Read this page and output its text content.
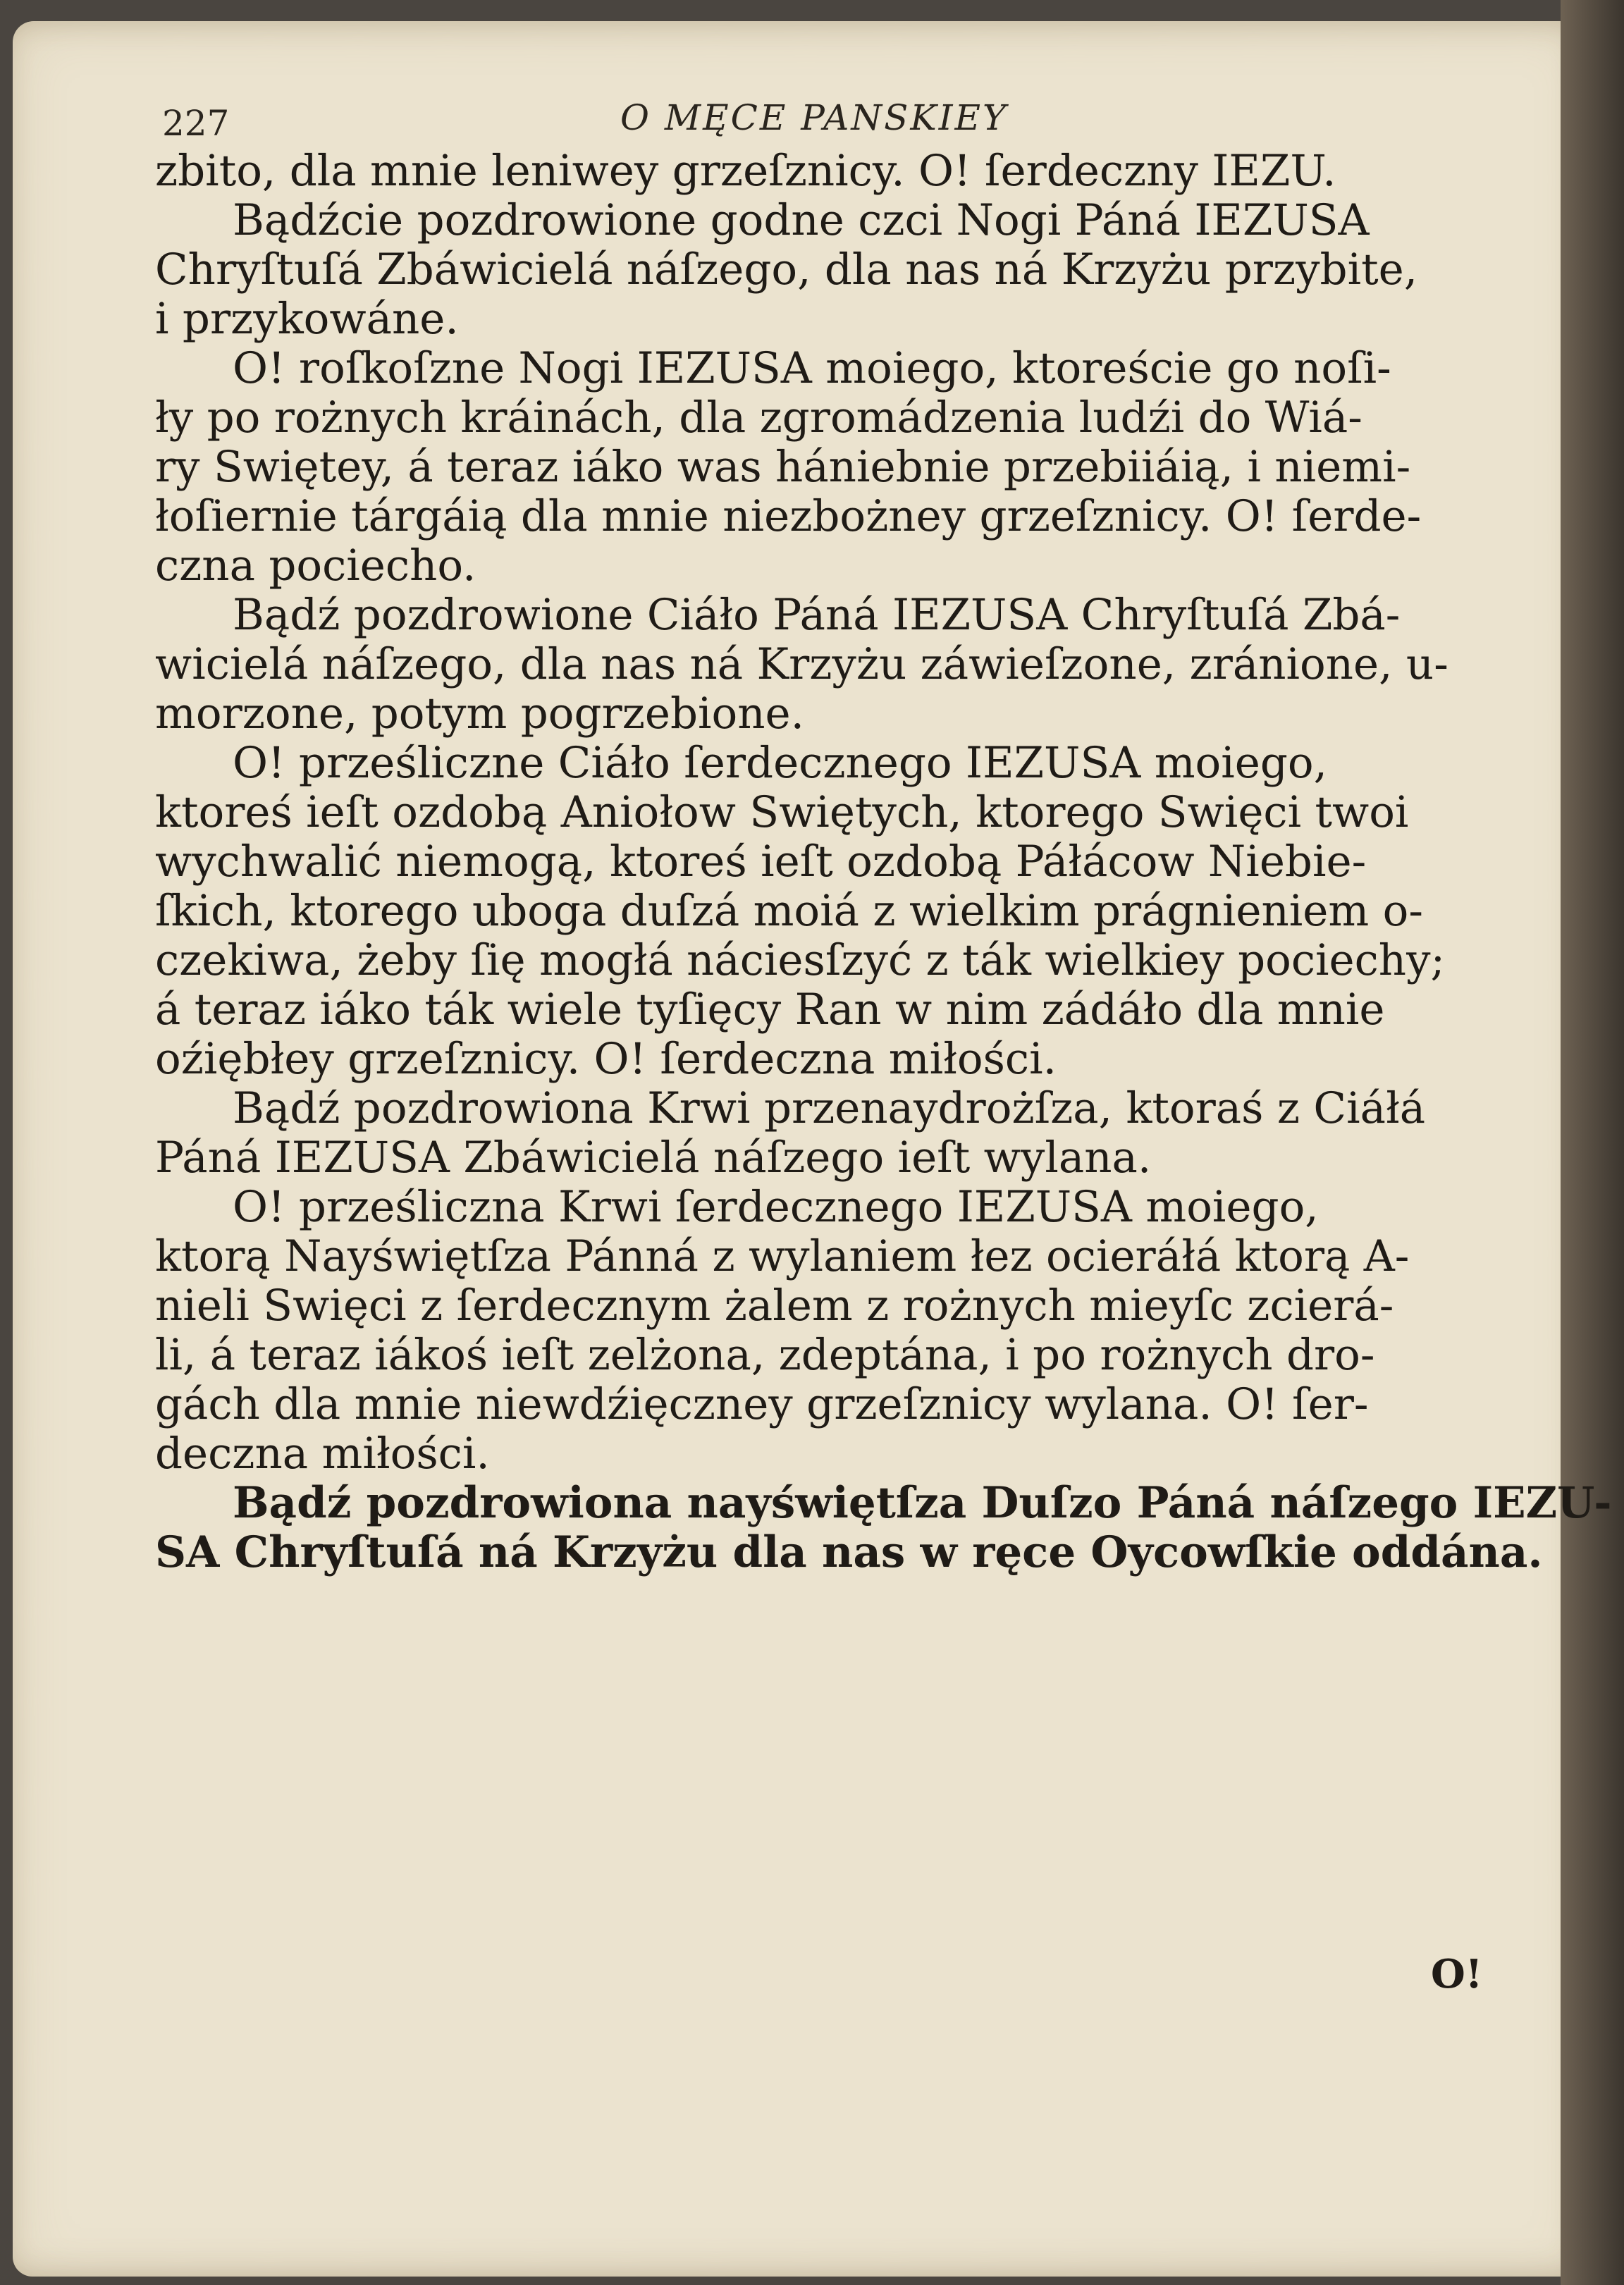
227	O MĘCE PANSKIEY
zbito, dla mnie leniwey grzeſznicy. O! ſerdeczny IEZU.
Bądźcie pozdrowione godne czci Nogi Páná IEZUSA
Chryſtuſá Zbáwicielá náſzego, dla nas ná Krzyżu przybite,
i przykowáne.
O! roſkoſzne Nogi IEZUSA moiego, ktoreście go noſi-
ły po rożnych kráinách, dla zgromádzenia ludźi do Wiá-
ry Swiętey, á teraz iáko was hániebnie przebiiáią, i niemi-
łoſiernie tárgáią dla mnie niezbożney grzeſznicy. O! ſerde-
czna pociecho.
Bądź pozdrowione Ciáło Páná IEZUSA Chryſtuſá Zbá-
wicielá náſzego, dla nas ná Krzyżu záwieſzone, zránione, u-
morzone, potym pogrzebione.
O! prześliczne Ciáło ſerdecznego IEZUSA moiego,
ktoreś ieſt ozdobą Aniołow Swiętych, ktorego Swięci twoi
wychwalić niemogą, ktoreś ieſt ozdobą Páłácow Niebie-
ſkich, ktorego uboga duſzá moiá z wielkim prágnieniem o-
czekiwa, żeby ſię mogłá náciesſzyć z ták wielkiey pociechy;
á teraz iáko ták wiele tyſięcy Ran w nim zádáło dla mnie
oźiębłey grzeſznicy. O! ſerdeczna miłości.
Bądź pozdrowiona Krwi przenaydrożſza, ktoraś z Ciáłá
Páná IEZUSA Zbáwicielá náſzego ieſt wylana.
O! prześliczna Krwi ſerdecznego IEZUSA moiego,
ktorą Nayświętſza Pánná z wylaniem łez ocieráłá ktorą A-
nieli Swięci z ſerdecznym żalem z rożnych mieyſc zcierá-
li, á teraz iákoś ieſt zelżona, zdeptána, i po rożnych dro-
gách dla mnie niewdźięczney grzeſznicy wylana. O! ſer-
deczna miłości.
Bądź pozdrowiona nayświętſza Duſzo Páná náſzego IEZU-
SA Chryſtuſá ná Krzyżu dla nas w ręce Oycowſkie oddána.
O!
